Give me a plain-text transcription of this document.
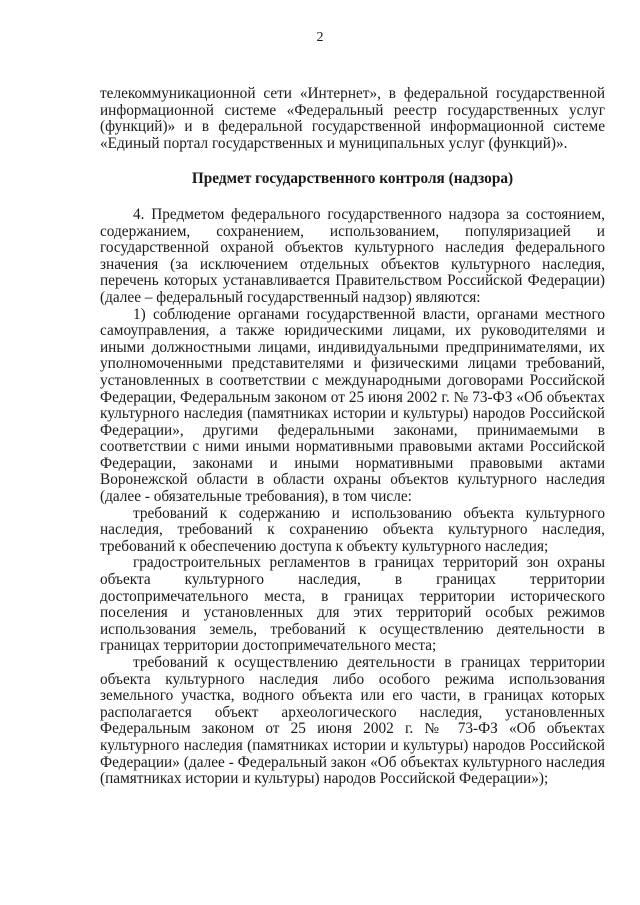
2

телекоммуникационной сети «Интернет», в федеральной государственной информационной системе «Федеральный реестр государственных услуг (функций)» и в федеральной государственной информационной системе «Единый портал государственных и муниципальных услуг (функций)».

Предмет государственного контроля (надзора)

4. Предметом федерального государственного надзора за состоянием, содержанием, сохранением, использованием, популяризацией и государственной охраной объектов культурного наследия федерального значения (за исключением отдельных объектов культурного наследия, перечень которых устанавливается Правительством Российской Федерации) (далее – федеральный государственный надзор) являются:

1) соблюдение органами государственной власти, органами местного самоуправления, а также юридическими лицами, их руководителями и иными должностными лицами, индивидуальными предпринимателями, их уполномоченными представителями и физическими лицами требований, установленных в соответствии с международными договорами Российской Федерации, Федеральным законом от 25 июня 2002 г. № 73-ФЗ «Об объектах культурного наследия (памятниках истории и культуры) народов Российской Федерации», другими федеральными законами, принимаемыми в соответствии с ними иными нормативными правовыми актами Российской Федерации, законами и иными нормативными правовыми актами Воронежской области в области охраны объектов культурного наследия (далее - обязательные требования), в том числе:

требований к содержанию и использованию объекта культурного наследия, требований к сохранению объекта культурного наследия, требований к обеспечению доступа к объекту культурного наследия;

градостроительных регламентов в границах территорий зон охраны объекта культурного наследия, в границах территории достопримечательного места, в границах территории исторического поселения и установленных для этих территорий особых режимов использования земель, требований к осуществлению деятельности в границах территории достопримечательного места;

требований к осуществлению деятельности в границах территории объекта культурного наследия либо особого режима использования земельного участка, водного объекта или его части, в границах которых располагается объект археологического наследия, установленных Федеральным законом от 25 июня 2002 г. № 73-ФЗ «Об объектах культурного наследия (памятниках истории и культуры) народов Российской Федерации» (далее - Федеральный закон «Об объектах культурного наследия (памятниках истории и культуры) народов Российской Федерации»);
